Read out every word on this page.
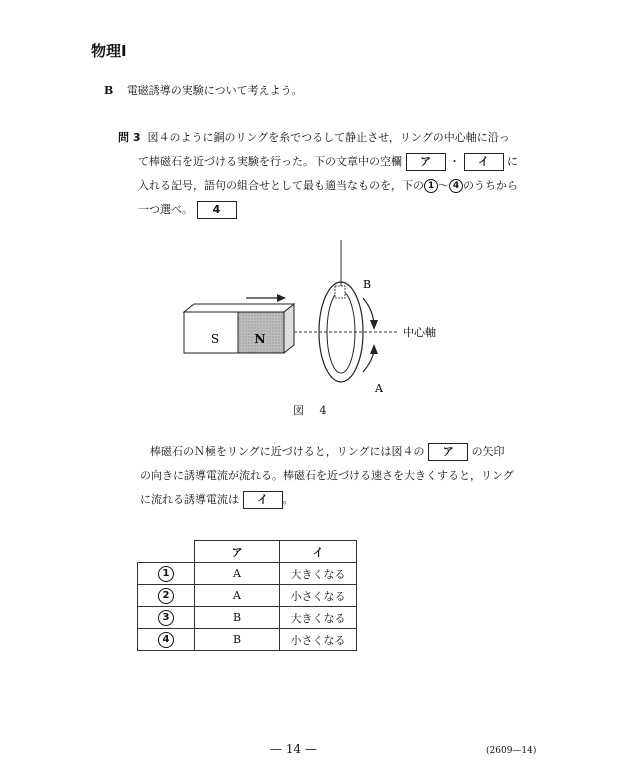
物理Ⅰ
B 電磁誘導の実験について考えよう。
問 3 図４のように銅のリングを糸でつるして静止させ，リングの中心軸に沿っ
て棒磁石を近づける実験を行った。下の文章中の空欄 ア ・ イ に
入れる記号，語句の組合せとして最も適当なものを，下の 1 〜 4 のうちから
一つ選べ。 4
S	N
B
A
中心軸
図 4
棒磁石のＮ極をリングに近づけると，リングには図４の ア の矢印
の向きに誘導電流が流れる。棒磁石を近づける速さを大きくすると，リング
に流れる誘導電流は イ 。
	ア	イ
1	A	大きくなる
2	A	小さくなる
3	B	大きくなる
4	B	小さくなる
— 14 —	(2609—14)
